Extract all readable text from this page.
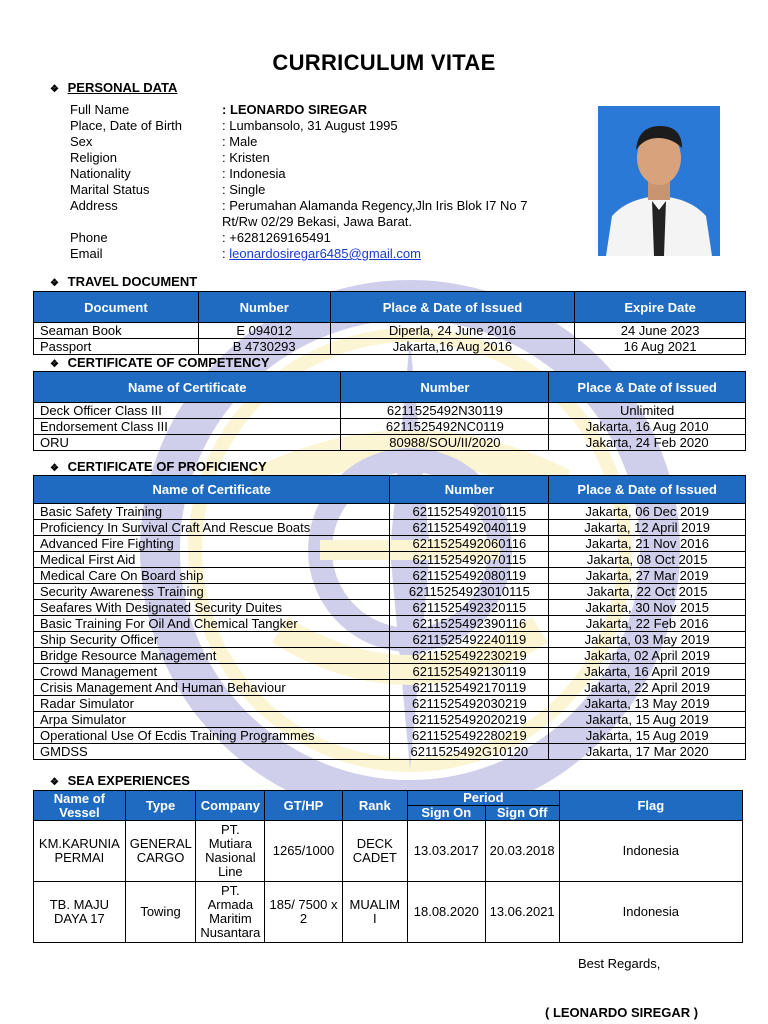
CURRICULUM VITAE
❖ PERSONAL DATA
Full Name	: LEONARDO SIREGAR
Place, Date of Birth	: Lumbansolo, 31 August 1995
Sex	: Male
Religion	: Kristen
Nationality	: Indonesia
Marital Status	: Single
Address	: Perumahan Alamanda Regency,Jln Iris Blok I7 No 7
Rt/Rw 02/29 Bekasi, Jawa Barat.
Phone	: +6281269165491
Email	: leonardosiregar6485@gmail.com
❖ TRAVEL DOCUMENT
Document	Number	Place & Date of Issued	Expire Date
Seaman Book	E 094012	Diperla, 24 June 2016	24 June 2023
Passport	B 4730293	Jakarta,16 Aug 2016	16 Aug 2021
❖ CERTIFICATE OF COMPETENCY
Name of Certificate	Number	Place & Date of Issued
Deck Officer Class III	6211525492N30119	Unlimited
Endorsement Class III	6211525492NC0119	Jakarta, 16 Aug 2010
ORU	80988/SOU/II/2020	Jakarta, 24 Feb 2020
❖ CERTIFICATE OF PROFICIENCY
Name of Certificate	Number	Place & Date of Issued
Basic Safety Training	6211525492010115	Jakarta, 06 Dec 2019
Proficiency In Survival Craft And Rescue Boats	6211525492040119	Jakarta, 12 April 2019
Advanced Fire Fighting	6211525492060116	Jakarta, 21 Nov 2016
Medical First Aid	6211525492070115	Jakarta, 08 Oct 2015
Medical Care On Board ship	6211525492080119	Jakarta, 27 Mar 2019
Security Awareness Training	62115254923010115	Jakarta, 22 Oct 2015
Seafares With Designated Security Duites	6211525492320115	Jakarta, 30 Nov 2015
Basic Training For Oil And Chemical Tangker	6211525492390116	Jakarta, 22 Feb 2016
Ship Security Officer	6211525492240119	Jakarta, 03 May 2019
Bridge Resource Management	6211525492230219	Jakarta, 02 April 2019
Crowd Management	6211525492130119	Jakarta, 16 April 2019
Crisis Management And Human Behaviour	6211525492170119	Jakarta, 22 April 2019
Radar Simulator	6211525492030219	Jakarta, 13 May 2019
Arpa Simulator	6211525492020219	Jakarta, 15 Aug 2019
Operational Use Of Ecdis Training Programmes	6211525492280219	Jakarta, 15 Aug 2019
GMDSS	6211525492G10120	Jakarta, 17 Mar 2020
❖ SEA EXPERIENCES
Name of Vessel	Type	Company	GT/HP	Rank	Period		Flag
					Sign On	Sign Off	
KM.KARUNIA PERMAI	GENERAL CARGO	PT. Mutiara Nasional Line	1265/1000	DECK CADET	13.03.2017	20.03.2018	Indonesia
TB. MAJU DAYA 17	Towing	PT. Armada Maritim Nusantara	185/ 7500 x 2	MUALIM I	18.08.2020	13.06.2021	Indonesia
Best Regards,
( LEONARDO SIREGAR )
